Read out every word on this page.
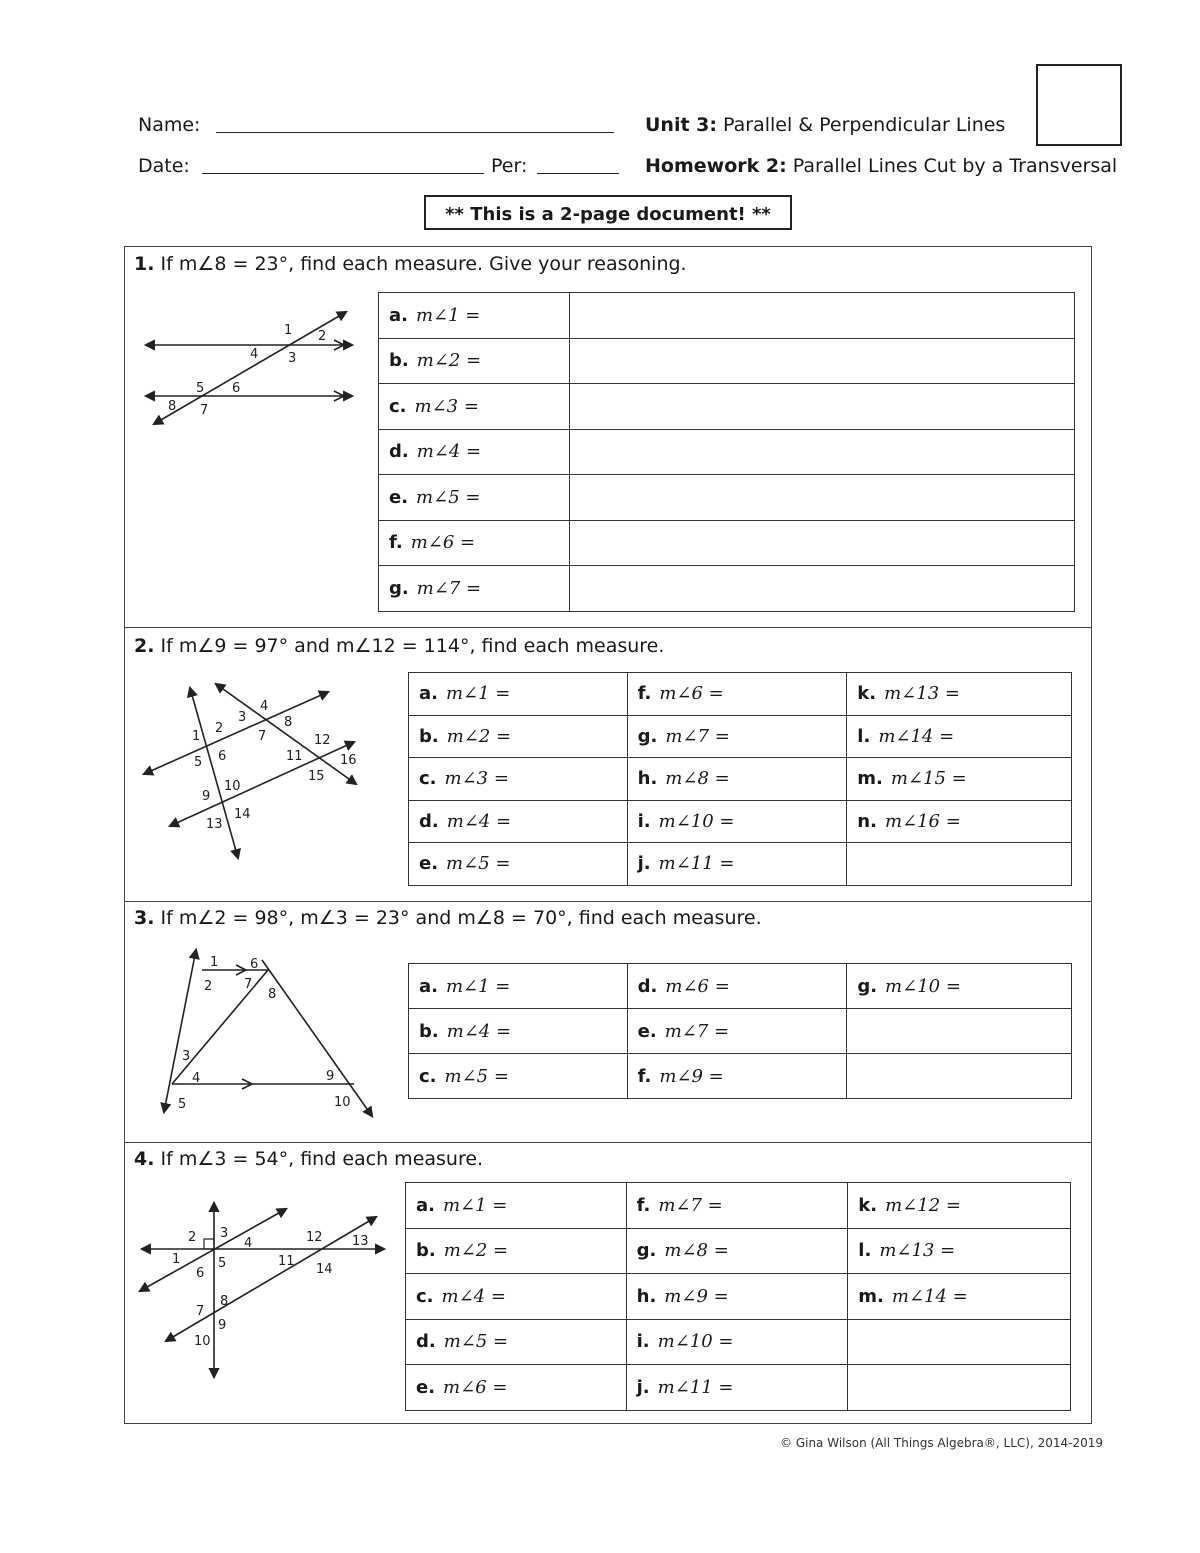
Name:
Date:	Per:
Unit 3: Parallel & Perpendicular Lines
Homework 2: Parallel Lines Cut by a Transversal
** This is a 2-page document! **
1. If m∠8 = 23°, find each measure. Give your reasoning.
1 2
3
4
5 6
7
8
a. m∠1 =	
b. m∠2 =	
c. m∠3 =	
d. m∠4 =	
e. m∠5 =	
f. m∠6 =	
g. m∠7 =	
2. If m∠9 = 97° and m∠12 = 114°, find each measure.
1
2
3
4
5 6
7
8
9
10
11
12
13
14
15
16
a. m∠1 =	f. m∠6 =	k. m∠13 =
b. m∠2 =	g. m∠7 =	l. m∠14 =
c. m∠3 =	h. m∠8 =	m. m∠15 =
d. m∠4 =	i. m∠10 =	n. m∠16 =
e. m∠5 =	j. m∠11 =	
3. If m∠2 = 98°, m∠3 = 23° and m∠8 = 70°, find each measure.
1
2
3
4
5
6
7
8
9
10
a. m∠1 =	d. m∠6 =	g. m∠10 =
b. m∠4 =	e. m∠7 =	
c. m∠5 =	f. m∠9 =	
4. If m∠3 = 54°, find each measure.
1
2 3
4
5
6
7
8
9
10
11
12 13
14
a. m∠1 =	f. m∠7 =	k. m∠12 =
b. m∠2 =	g. m∠8 =	l. m∠13 =
c. m∠4 =	h. m∠9 =	m. m∠14 =
d. m∠5 =	i. m∠10 =	
e. m∠6 =	j. m∠11 =	
© Gina Wilson (All Things Algebra®, LLC), 2014-2019
